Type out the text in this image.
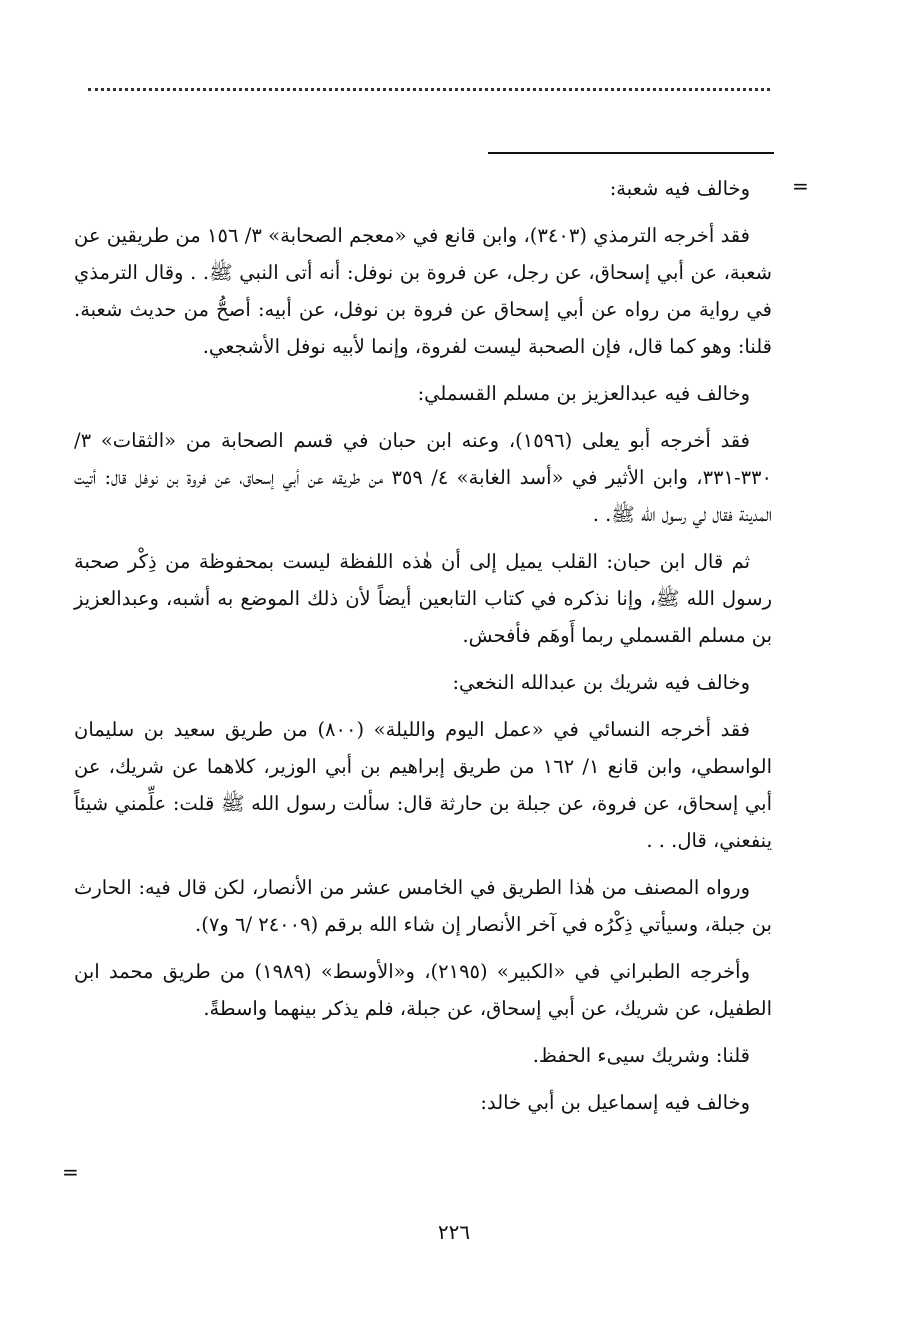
=

وخالف فيه شعبة:

فقد أخرجه الترمذي (٣٤٠٣)، وابن قانع في «معجم الصحابة» ٣/ ١٥٦ من طريقين عن شعبة، عن أبي إسحاق، عن رجل، عن فروة بن نوفل: أنه أتى النبي ﷺ. . وقال الترمذي في رواية من رواه عن أبي إسحاق عن فروة بن نوفل، عن أبيه: أصحُّ من حديث شعبة. قلنا: وهو كما قال، فإن الصحبة ليست لفروة، وإنما لأبيه نوفل الأشجعي.

وخالف فيه عبدالعزيز بن مسلم القسملي:

فقد أخرجه أبو يعلى (١٥٩٦)، وعنه ابن حبان في قسم الصحابة من «الثقات» ٣/ ٣٣٠-٣٣١، وابن الأثير في «أسد الغابة» ٤/ ٣٥٩ من طريقه عن أبي إسحاق، عن فروة بن نوفل قال: أتيت المدينة فقال لي رسول الله ﷺ. .

ثم قال ابن حبان: القلب يميل إلى أن هٰذه اللفظة ليست بمحفوظة من ذِكْر صحبة رسول الله ﷺ، وإنا نذكره في كتاب التابعين أيضاً لأن ذلك الموضع به أشبه، وعبدالعزيز بن مسلم القسملي ربما أَوهَم فأفحش.

وخالف فيه شريك بن عبدالله النخعي:

فقد أخرجه النسائي في «عمل اليوم والليلة» (٨٠٠) من طريق سعيد بن سليمان الواسطي، وابن قانع ١/ ١٦٢ من طريق إبراهيم بن أبي الوزير، كلاهما عن شريك، عن أبي إسحاق، عن فروة، عن جبلة بن حارثة قال: سألت رسول الله ﷺ قلت: علِّمني شيئاً ينفعني، قال. . .

ورواه المصنف من هٰذا الطريق في الخامس عشر من الأنصار، لكن قال فيه: الحارث بن جبلة، وسيأتي ذِكْرُه في آخر الأنصار إن شاء الله برقم (٢٤٠٠٩ /٦ و٧).

وأخرجه الطبراني في «الكبير» (٢١٩٥)، و«الأوسط» (١٩٨٩) من طريق محمد ابن الطفيل، عن شريك، عن أبي إسحاق، عن جبلة، فلم يذكر بينهما واسطةً.

قلنا: وشريك سيىء الحفظ.

وخالف فيه إسماعيل بن أبي خالد:

=
٢٢٦
